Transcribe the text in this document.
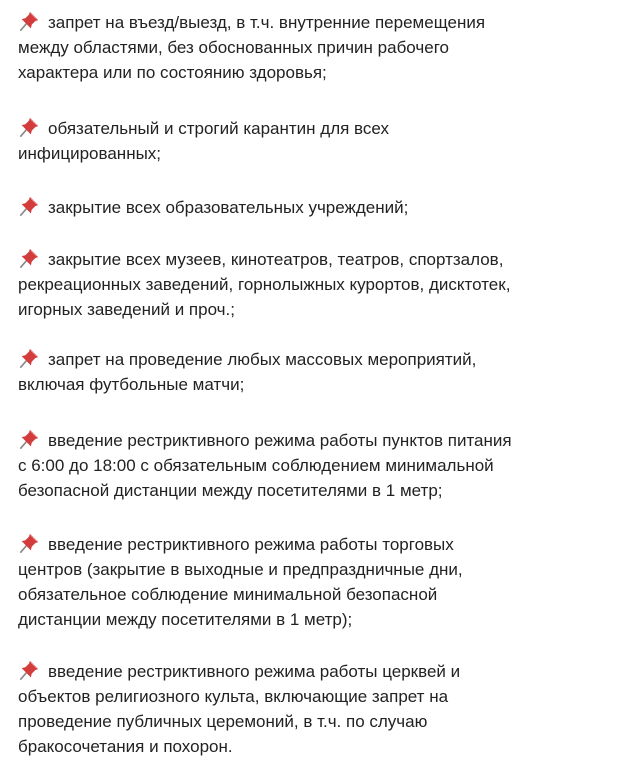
запрет на въезд/выезд, в т.ч. внутренние перемещения
между областями, без обоснованных причин рабочего
характера или по состоянию здоровья;
обязательный и строгий карантин для всех
инфицированных;
закрытие всех образовательных учреждений;
закрытие всех музеев, кинотеатров, театров, спортзалов,
рекреационных заведений, горнолыжных курортов, дисктотек,
игорных заведений и проч.;
запрет на проведение любых массовых мероприятий,
включая футбольные матчи;
введение рестриктивного режима работы пунктов питания
с 6:00 до 18:00 с обязательным соблюдением минимальной
безопасной дистанции между посетителями в 1 метр;
введение рестриктивного режима работы торговых
центров (закрытие в выходные и предпраздничные дни,
обязательное соблюдение минимальной безопасной
дистанции между посетителями в 1 метр);
введение рестриктивного режима работы церквей и
объектов религиозного культа, включающие запрет на
проведение публичных церемоний, в т.ч. по случаю
бракосочетания и похорон.
